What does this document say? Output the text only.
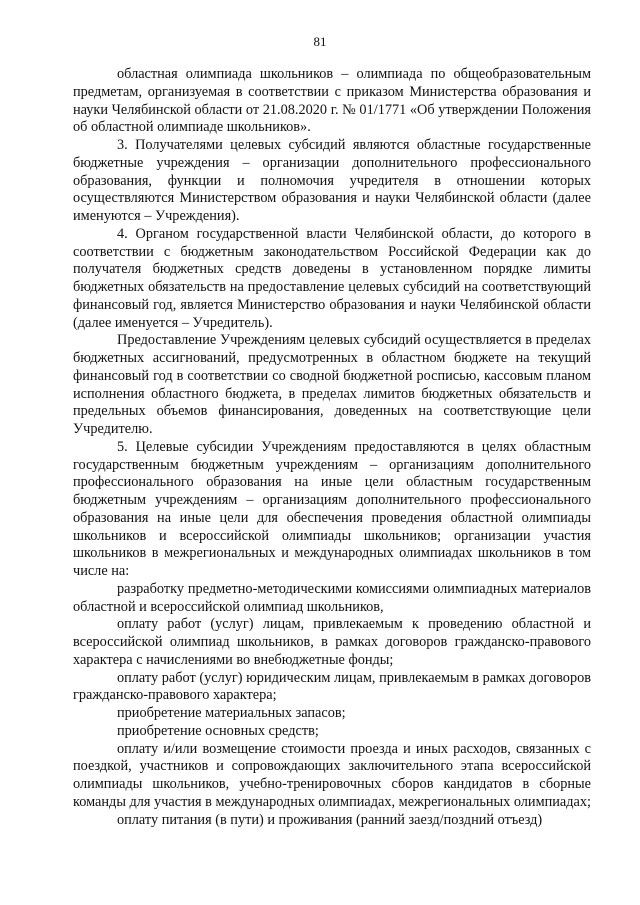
81

областная олимпиада школьников – олимпиада по общеобразовательным предметам, организуемая в соответствии с приказом Министерства образования и науки Челябинской области от 21.08.2020 г. № 01/1771 «Об утверждении Положения об областной олимпиаде школьников».

3. Получателями целевых субсидий являются областные государственные бюджетные учреждения – организации дополнительного профессионального образования, функции и полномочия учредителя в отношении которых осуществляются Министерством образования и науки Челябинской области (далее именуются – Учреждения).

4. Органом государственной власти Челябинской области, до которого в соответствии с бюджетным законодательством Российской Федерации как до получателя бюджетных средств доведены в установленном порядке лимиты бюджетных обязательств на предоставление целевых субсидий на соответствующий финансовый год, является Министерство образования и науки Челябинской области (далее именуется – Учредитель).

Предоставление Учреждениям целевых субсидий осуществляется в пределах бюджетных ассигнований, предусмотренных в областном бюджете на текущий финансовый год в соответствии со сводной бюджетной росписью, кассовым планом исполнения областного бюджета, в пределах лимитов бюджетных обязательств и предельных объемов финансирования, доведенных на соответствующие цели Учредителю.

5. Целевые субсидии Учреждениям предоставляются в целях областным государственным бюджетным учреждениям – организациям дополнительного профессионального образования на иные цели областным государственным бюджетным учреждениям – организациям дополнительного профессионального образования на иные цели для обеспечения проведения областной олимпиады школьников и всероссийской олимпиады школьников; организации участия школьников в межрегиональных и международных олимпиадах школьников в том числе на:

разработку предметно-методическими комиссиями олимпиадных материалов областной и всероссийской олимпиад школьников,

оплату работ (услуг) лицам, привлекаемым к проведению областной и всероссийской олимпиад школьников, в рамках договоров гражданско-правового характера с начислениями во внебюджетные фонды;

оплату работ (услуг) юридическим лицам, привлекаемым в рамках договоров гражданско-правового характера;

приобретение материальных запасов;

приобретение основных средств;

оплату и/или возмещение стоимости проезда и иных расходов, связанных с поездкой, участников и сопровождающих заключительного этапа всероссийской олимпиады школьников, учебно-тренировочных сборов кандидатов в сборные команды для участия в международных олимпиадах, межрегиональных олимпиадах;

оплату питания (в пути) и проживания (ранний заезд/поздний отъезд)
